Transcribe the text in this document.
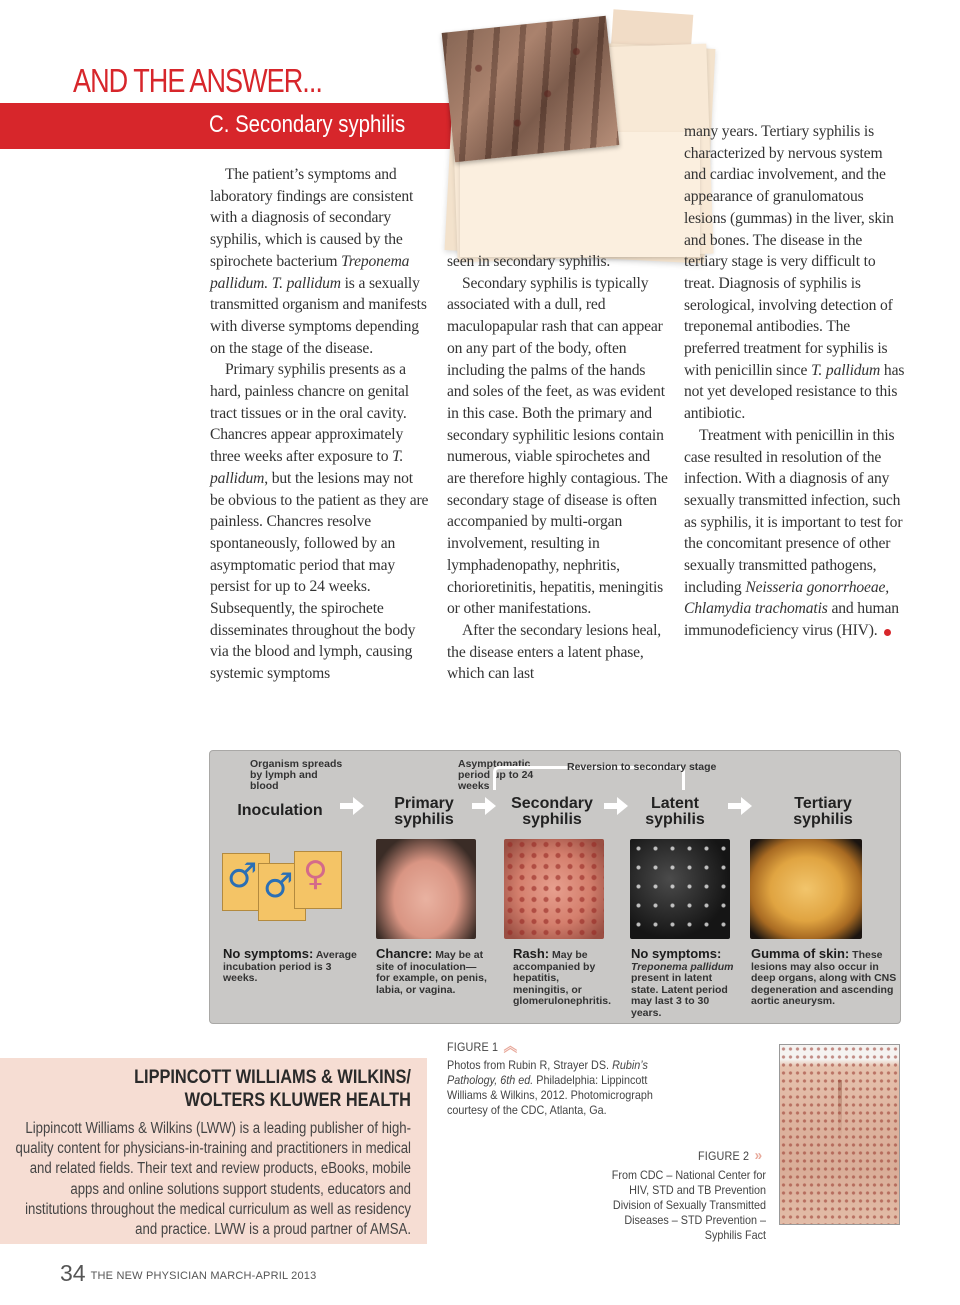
AND THE ANSWER...
C. Secondary syphilis

The patient’s symptoms and laboratory findings are consistent with a diagnosis of secondary syphilis, which is caused by the spirochete bacterium Treponema pallidum. T. pallidum is a sexually transmitted organism and manifests with diverse symptoms depending on the stage of the disease.

Primary syphilis presents as a hard, painless chancre on genital tract tissues or in the oral cavity. Chancres appear approximately three weeks after exposure to T. pallidum, but the lesions may not be obvious to the patient as they are painless. Chancres resolve spontaneously, followed by an asymptomatic period that may persist for up to 24 weeks. Subsequently, the spirochete disseminates throughout the body via the blood and lymph, causing systemic symptoms

seen in secondary syphilis.

Secondary syphilis is typically associated with a dull, red maculopapular rash that can appear on any part of the body, often including the palms of the hands and soles of the feet, as was evident in this case. Both the primary and secondary syphilitic lesions contain numerous, viable spirochetes and are therefore highly contagious. The secondary stage of disease is often accompanied by multi-organ involvement, resulting in lymphadenopathy, nephritis, chorioretinitis, hepatitis, meningitis or other manifestations.

After the secondary lesions heal, the disease enters a latent phase, which can last

many years. Tertiary syphilis is characterized by nervous system and cardiac involvement, and the appearance of granulomatous lesions (gummas) in the liver, skin and bones. The disease in the tertiary stage is very difficult to treat. Diagnosis of syphilis is serological, involving detection of treponemal antibodies. The preferred treatment for syphilis is with penicillin since T. pallidum has not yet developed resistance to this antibiotic.

Treatment with penicillin in this case resulted in resolution of the infection. With a diagnosis of any sexually transmitted infection, such as syphilis, it is important to test for the concomitant presence of other sexually transmitted pathogens, including Neisseria gonorrhoeae, Chlamydia trachomatis and human immunodeficiency virus (HIV).

Organism spreads by lymph and blood
Asymptomatic period up to 24 weeks
Reversion to secondary stage
Inoculation	Primary syphilis
Secondary syphilis
Latent syphilis
Tertiary syphilis
♂ ♂ ♀
No symptoms: Average incubation period is 3 weeks.
Chancre: May be at site of inoculation—for example, on penis, labia, or vagina.
Rash: May be accompanied by hepatitis, meningitis, or glomerulonephritis.
No symptoms: Treponema pallidum present in latent state. Latent period may last 3 to 30 years.
Gumma of skin: These lesions may also occur in deep organs, along with CNS degeneration and ascending aortic aneurysm.
FIGURE 1 ︽
Photos from Rubin R, Strayer DS. Rubin’s Pathology, 6th ed. Philadelphia: Lippincott Williams & Wilkins, 2012. Photomicrograph courtesy of the CDC, Atlanta, Ga.
FIGURE 2 »
From CDC – National Center for HIV, STD and TB Prevention Division of Sexually Transmitted Diseases – STD Prevention – Syphilis Fact
LIPPINCOTT WILLIAMS & WILKINS/
WOLTERS KLUWER HEALTH
Lippincott Williams & Wilkins (LWW) is a leading publisher of high-quality content for physicians-in-training and practitioners in medical and related fields. Their text and review products, eBooks, mobile apps and online solutions support students, educators and institutions throughout the medical curriculum as well as residency and practice. LWW is a proud partner of AMSA.
34 THE NEW PHYSICIAN MARCH-APRIL 2013
